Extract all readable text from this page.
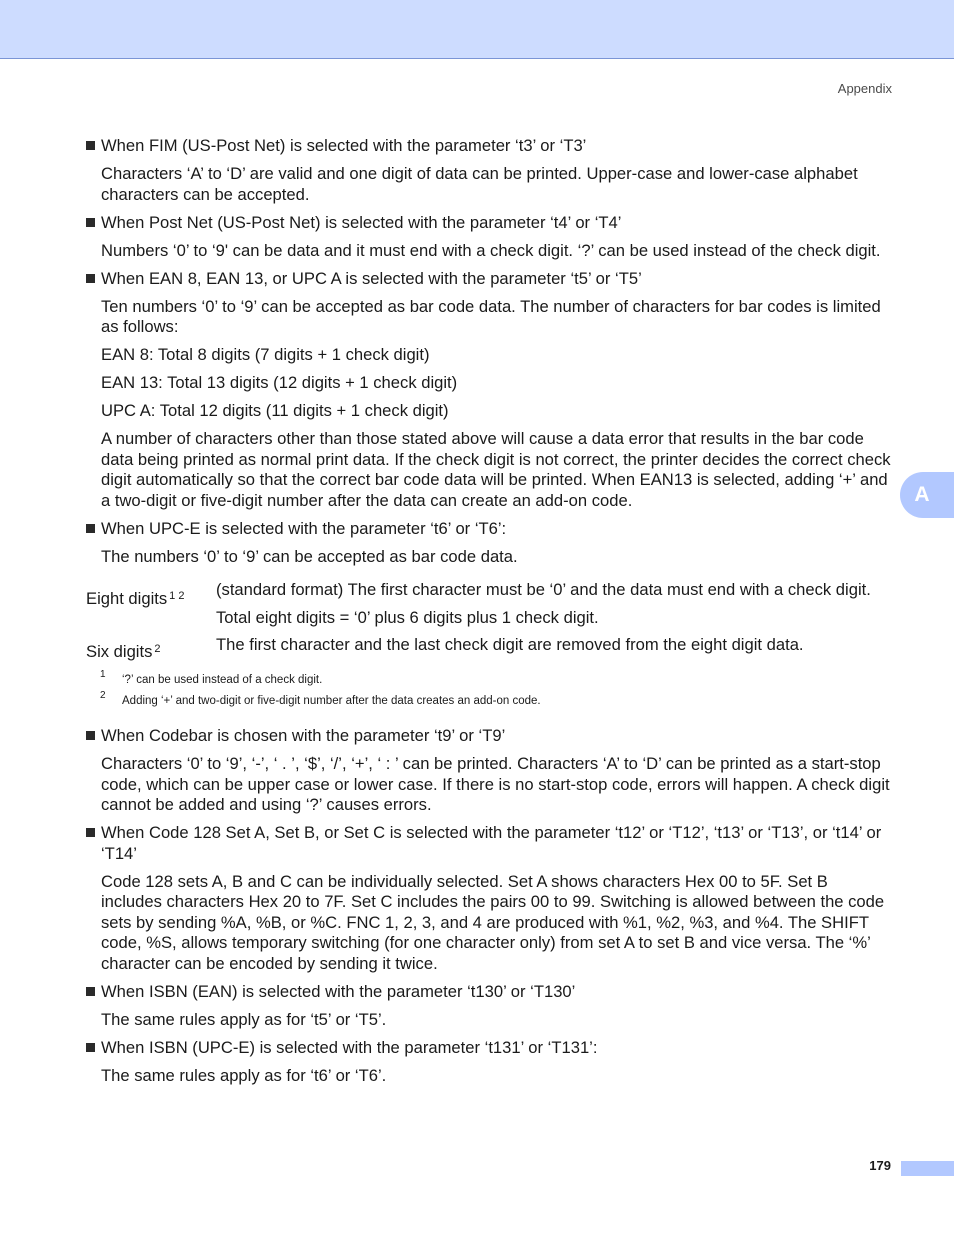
Appendix
When FIM (US-Post Net) is selected with the parameter ‘t3’ or ‘T3’
Characters ‘A’ to ‘D’ are valid and one digit of data can be printed. Upper-case and lower-case alphabet characters can be accepted.
When Post Net (US-Post Net) is selected with the parameter ‘t4’ or ‘T4’
Numbers ‘0’ to ‘9' can be data and it must end with a check digit. ‘?’ can be used instead of the check digit.
When EAN 8, EAN 13, or UPC A is selected with the parameter ‘t5’ or ‘T5’
Ten numbers ‘0’ to ‘9’ can be accepted as bar code data. The number of characters for bar codes is limited as follows:
EAN 8: Total 8 digits (7 digits + 1 check digit)
EAN 13: Total 13 digits (12 digits + 1 check digit)
UPC A: Total 12 digits (11 digits + 1 check digit)
A number of characters other than those stated above will cause a data error that results in the bar code data being printed as normal print data. If the check digit is not correct, the printer decides the correct check digit automatically so that the correct bar code data will be printed. When EAN13 is selected, adding ‘+’ and a two-digit or five-digit number after the data can create an add-on code.
When UPC-E is selected with the parameter ‘t6’ or ‘T6’:
The numbers ‘0’ to ‘9’ can be accepted as bar code data.
Eight digits $^{1 2}$	(standard format) The first character must be ‘0’ and the data must end with a check digit.
Total eight digits = ‘0’ plus 6 digits plus 1 check digit.
Six digits $^2$	The first character and the last check digit are removed from the eight digit data.
1	‘?’ can be used instead of a check digit.
2	Adding ‘+’ and two-digit or five-digit number after the data creates an add-on code.
When Codebar is chosen with the parameter ‘t9’ or ‘T9’
Characters ‘0’ to ‘9’, ‘-’, ‘ . ’, ‘$’, ‘/’, ‘+’, ‘ : ’ can be printed. Characters ‘A’ to ‘D’ can be printed as a start-stop code, which can be upper case or lower case. If there is no start-stop code, errors will happen. A check digit cannot be added and using ‘?’ causes errors.
When Code 128 Set A, Set B, or Set C is selected with the parameter ‘t12’ or ‘T12’, ‘t13’ or ‘T13’, or ‘t14’ or ‘T14’
Code 128 sets A, B and C can be individually selected. Set A shows characters Hex 00 to 5F. Set B includes characters Hex 20 to 7F. Set C includes the pairs 00 to 99. Switching is allowed between the code sets by sending %A, %B, or %C. FNC 1, 2, 3, and 4 are produced with %1, %2, %3, and %4. The SHIFT code, %S, allows temporary switching (for one character only) from set A to set B and vice versa. The ‘%’ character can be encoded by sending it twice.
When ISBN (EAN) is selected with the parameter ‘t130’ or ‘T130’
The same rules apply as for ‘t5’ or ‘T5’.
When ISBN (UPC-E) is selected with the parameter ‘t131’ or ‘T131’:
The same rules apply as for ‘t6’ or ‘T6’.
A
179
